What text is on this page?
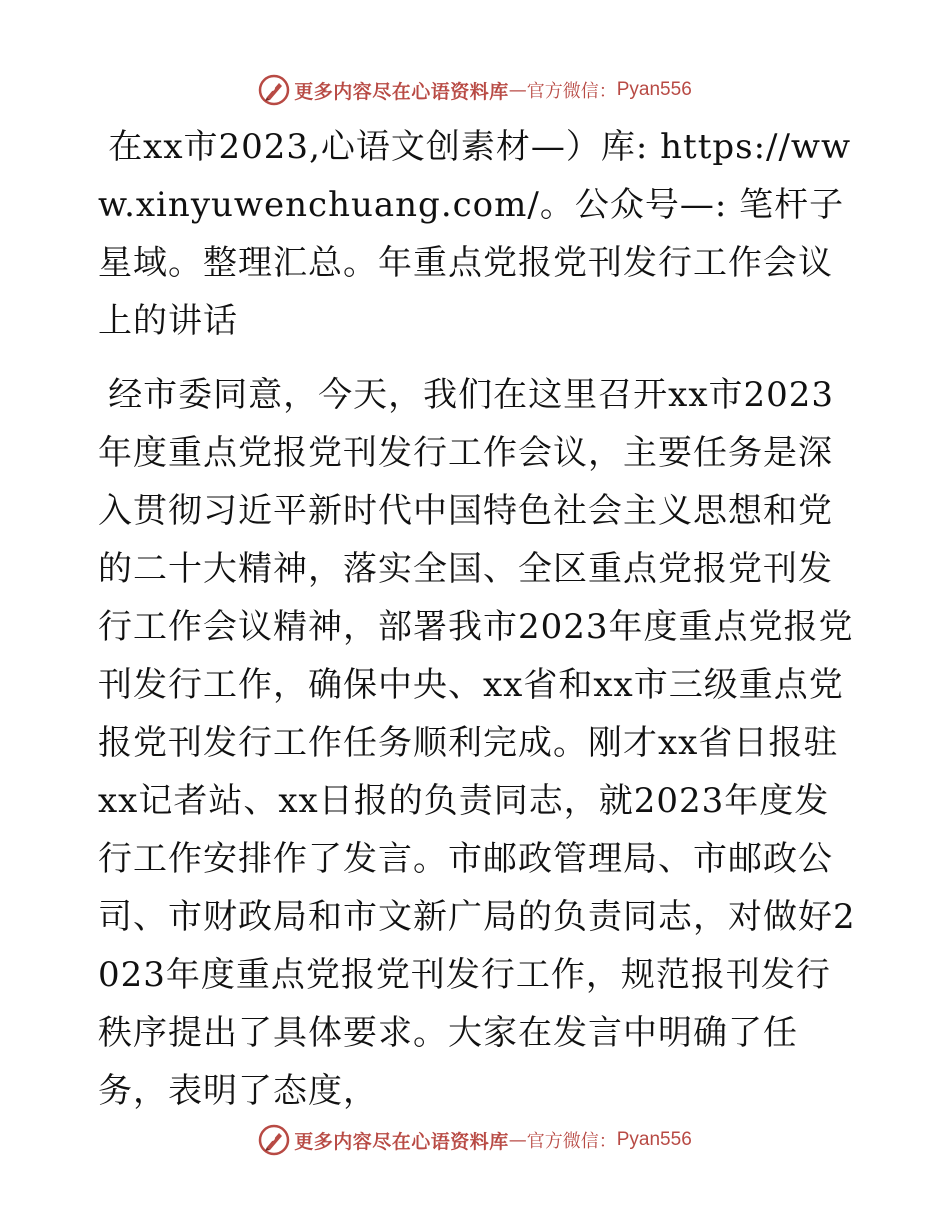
更多内容尽在心语资料库 — 官方微信： Pyan556

在xx市2023,心语文创素材—）库: https://www.xinyuwenchuang.com/。公众号—: 笔杆子星域。整理汇总。年重点党报党刊发行工作会议上的讲话

经市委同意，今天，我们在这里召开xx市2023年度重点党报党刊发行工作会议，主要任务是深入贯彻习近平新时代中国特色社会主义思想和党的二十大精神，落实全国、全区重点党报党刊发行工作会议精神，部署我市2023年度重点党报党刊发行工作，确保中央、xx省和xx市三级重点党报党刊发行工作任务顺利完成。刚才xx省日报驻xx记者站、xx日报的负责同志，就2023年度发行工作安排作了发言。市邮政管理局、市邮政公司、市财政局和市文新广局的负责同志，对做好2023年度重点党报党刊发行工作，规范报刊发行秩序提出了具体要求。大家在发言中明确了任务，表明了态度，

更多内容尽在心语资料库 — 官方微信： Pyan556
